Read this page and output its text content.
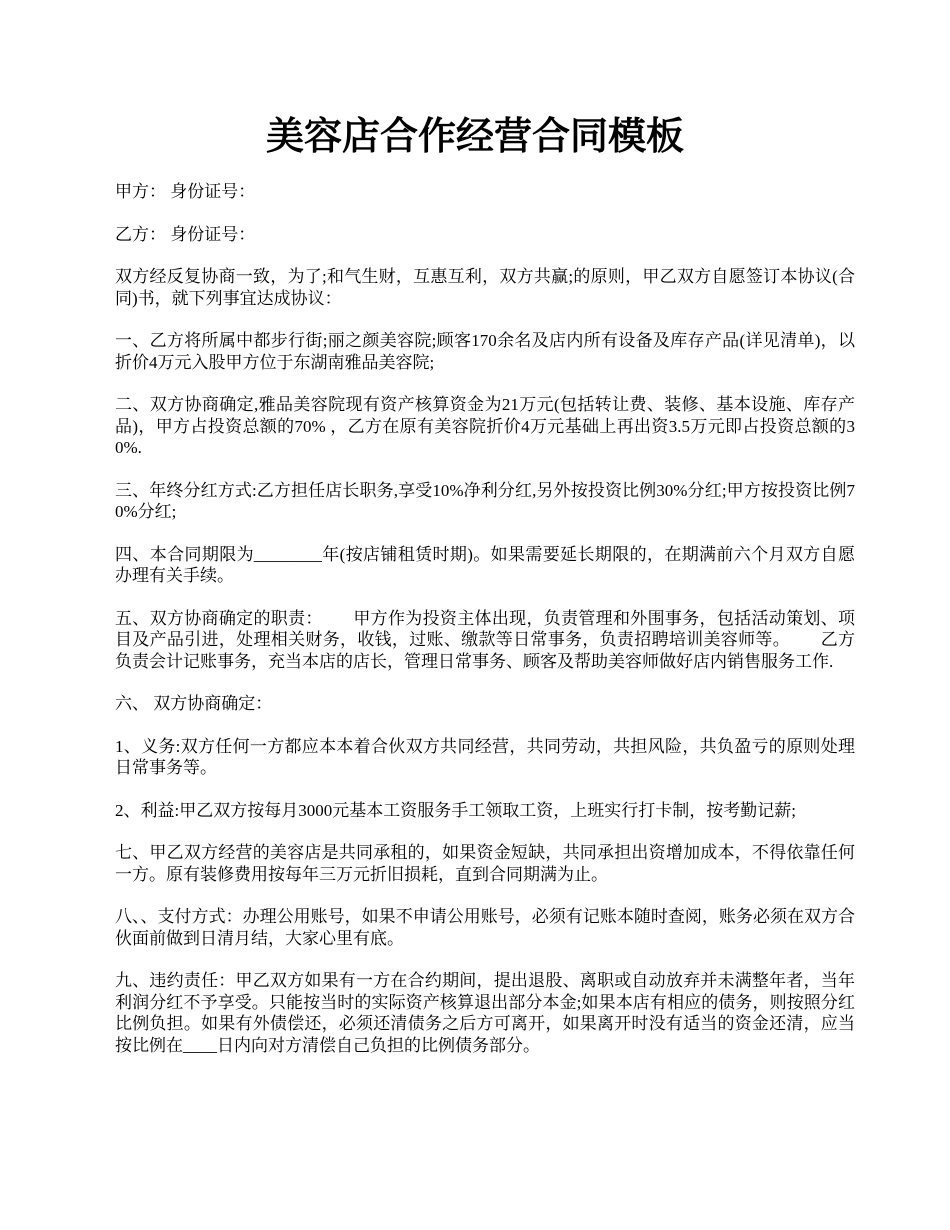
美容店合作经营合同模板

甲方： 身份证号：

乙方： 身份证号：

双方经反复协商一致，为了;和气生财，互惠互利，双方共赢;的原则，甲乙双方自愿签订本协议(合同)书，就下列事宜达成协议：

一、乙方将所属中都步行街;丽之颜美容院;顾客170余名及店内所有设备及库存产品(详见清单)，以折价4万元入股甲方位于东湖南雅品美容院;

二、双方协商确定,雅品美容院现有资产核算资金为21万元(包括转让费、装修、基本设施、库存产品)，甲方占投资总额的70% ，乙方在原有美容院折价4万元基础上再出资3.5万元即占投资总额的30%.

三、年终分红方式:乙方担任店长职务,享受10%净利分红,另外按投资比例30%分红;甲方按投资比例70%分红;

四、本合同期限为________年(按店铺租赁时期)。如果需要延长期限的，在期满前六个月双方自愿办理有关手续。

五、双方协商确定的职责：　　 甲方作为投资主体出现，负责管理和外围事务，包括活动策划、项目及产品引进，处理相关财务，收钱，过账、缴款等日常事务，负责招聘培训美容师等。　　 乙方负责会计记账事务，充当本店的店长，管理日常事务、顾客及帮助美容师做好店内销售服务工作.

六、 双方协商确定：

1、义务:双方任何一方都应本本着合伙双方共同经营，共同劳动，共担风险，共负盈亏的原则处理日常事务等。

2、利益:甲乙双方按每月3000元基本工资服务手工领取工资，上班实行打卡制，按考勤记薪;

七、甲乙双方经营的美容店是共同承租的，如果资金短缺，共同承担出资增加成本，不得依靠任何一方。原有装修费用按每年三万元折旧损耗，直到合同期满为止。

八、、支付方式：办理公用账号，如果不申请公用账号，必须有记账本随时查阅，账务必须在双方合伙面前做到日清月结，大家心里有底。

九、违约责任：甲乙双方如果有一方在合约期间，提出退股、离职或自动放弃并未满整年者，当年利润分红不予享受。只能按当时的实际资产核算退出部分本金;如果本店有相应的债务，则按照分红比例负担。如果有外债偿还，必须还清债务之后方可离开，如果离开时没有适当的资金还清，应当按比例在____日内向对方清偿自己负担的比例债务部分。
